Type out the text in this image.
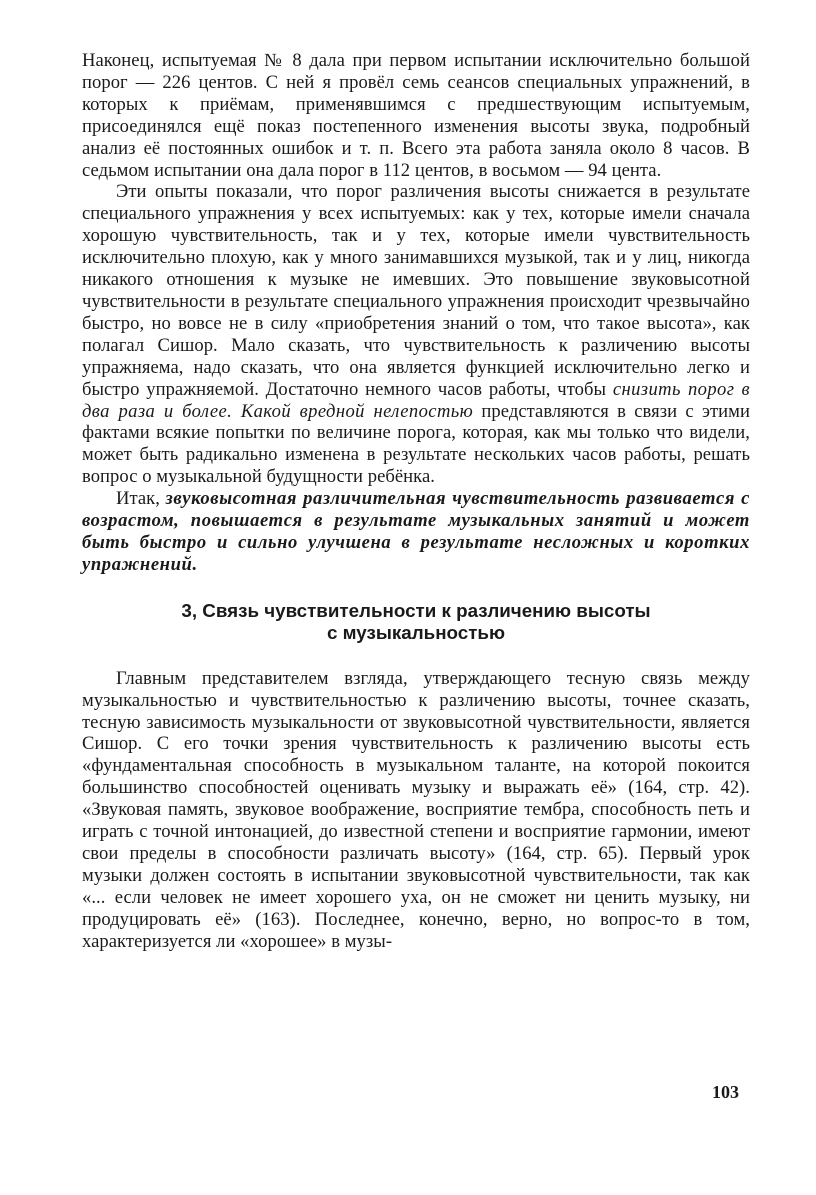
Наконец, испытуемая № 8 дала при первом испытании исключительно большой порог — 226 центов. С ней я провёл семь сеансов специальных упражнений, в которых к приёмам, применявшимся с предшествующим испытуемым, присоединялся ещё показ постепенного изменения высоты звука, подробный анализ её постоянных ошибок и т. п. Всего эта работа заняла около 8 часов. В седьмом испытании она дала порог в 112 центов, в восьмом — 94 цента.

Эти опыты показали, что порог различения высоты снижается в результате специального упражнения у всех испытуемых: как у тех, которые имели сначала хорошую чувствительность, так и у тех, которые имели чувствительность исключительно плохую, как у много занимавшихся музыкой, так и у лиц, никогда никакого отношения к музыке не имевших. Это повышение звуковысотной чувствительности в результате специального упражнения происходит чрезвычайно быстро, но вовсе не в силу «приобретения знаний о том, что такое высота», как полагал Сишор. Мало сказать, что чувствительность к различению высоты упражняема, надо сказать, что она является функцией исключительно легко и быстро упражняемой. Достаточно немного часов работы, чтобы снизить порог в два раза и более. Какой вредной нелепостью представляются в связи с этими фактами всякие попытки по величине порога, которая, как мы только что видели, может быть радикально изменена в результате нескольких часов работы, решать вопрос о музыкальной будущности ребёнка.

Итак, звуковысотная различительная чувствительность развивается с возрастом, повышается в результате музыкальных занятий и может быть быстро и сильно улучшена в результате несложных и коротких упражнений.

3, Связь чувствительности к различению высоты
с музыкальностью

Главным представителем взгляда, утверждающего тесную связь между музыкальностью и чувствительностью к различению высоты, точнее сказать, тесную зависимость музыкальности от звуковысотной чувствительности, является Сишор. С его точки зрения чувствительность к различению высоты есть «фундаментальная способность в музыкальном таланте, на которой покоится большинство способностей оценивать музыку и выражать её» (164, стр. 42). «Звуковая память, звуковое воображение, восприятие тембра, способность петь и играть с точной интонацией, до известной степени и восприятие гармонии, имеют свои пределы в способности различать высоту» (164, стр. 65). Первый урок музыки должен состоять в испытании звуковысотной чувствительности, так как «... если человек не имеет хорошего уха, он не сможет ни ценить музыку, ни продуцировать её» (163). Последнее, конечно, верно, но вопрос-то в том, характеризуется ли «хорошее» в музы-

103
